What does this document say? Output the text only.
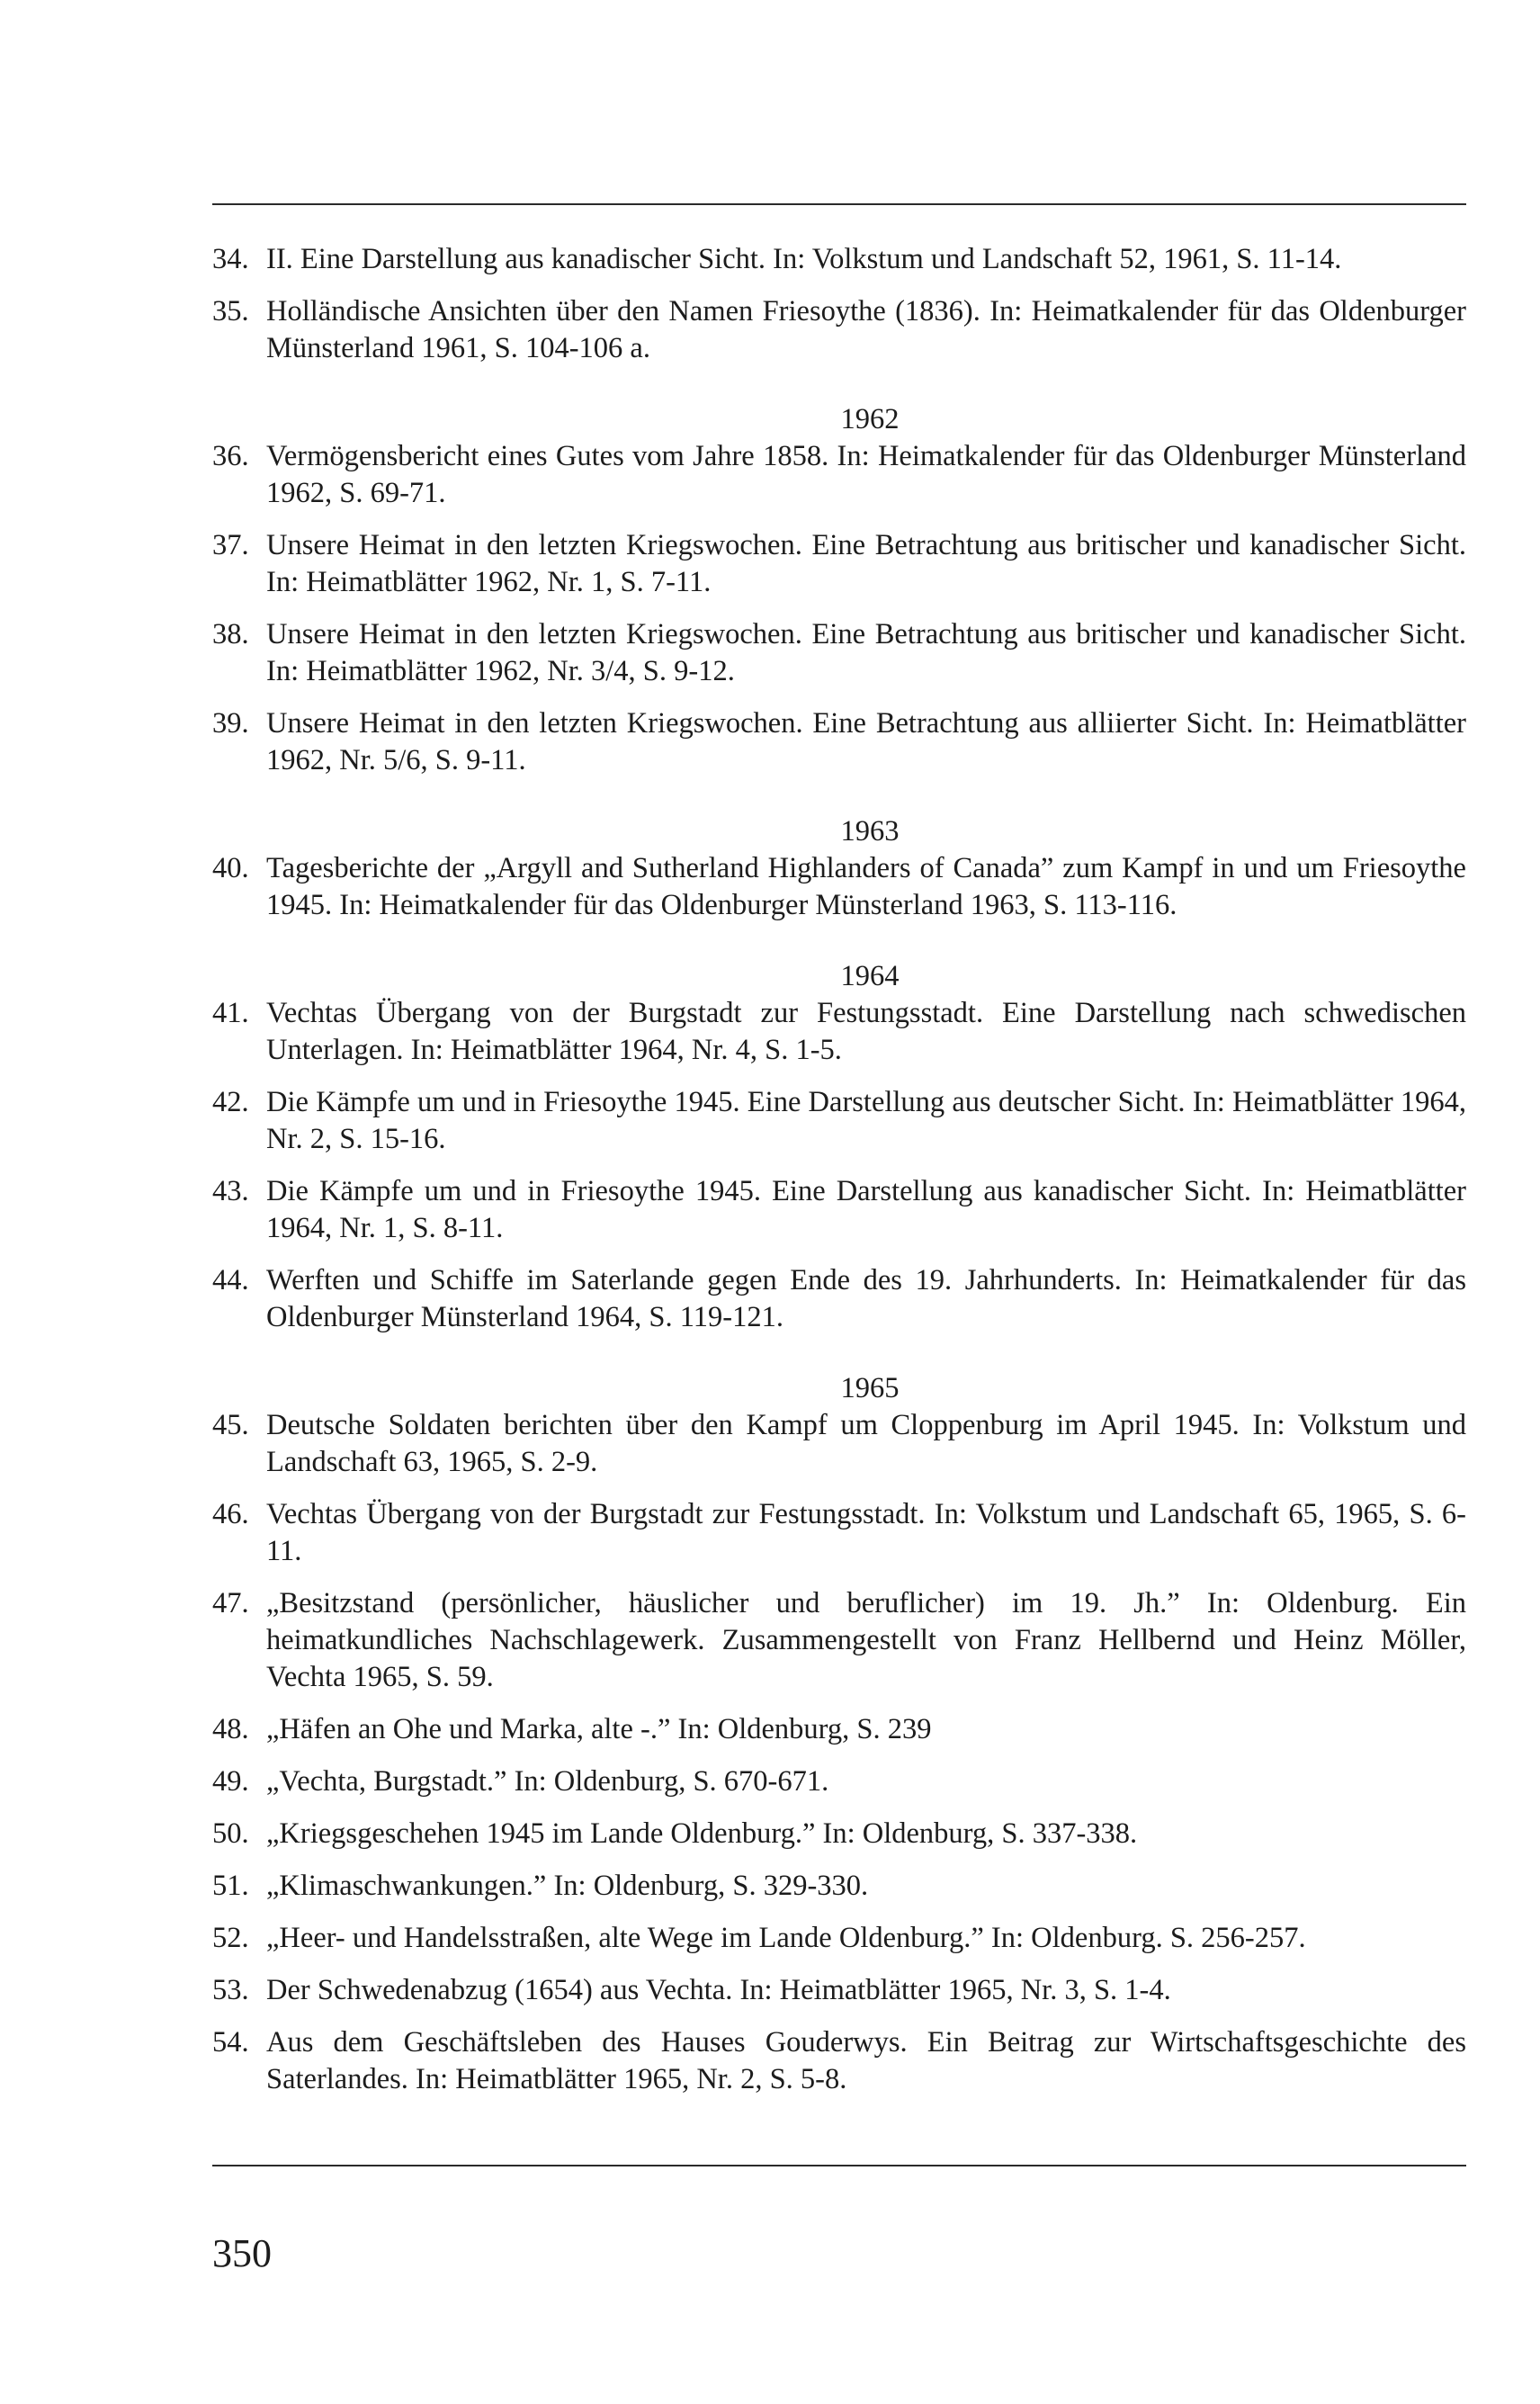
34. II. Eine Darstellung aus kanadischer Sicht. In: Volkstum und Landschaft 52, 1961, S. 11-14.
35. Holländische Ansichten über den Namen Friesoythe (1836). In: Heimatkalender für das Oldenburger Münsterland 1961, S. 104-106 a.
1962
36. Vermögensbericht eines Gutes vom Jahre 1858. In: Heimatkalender für das Oldenburger Münsterland 1962, S. 69-71.
37. Unsere Heimat in den letzten Kriegswochen. Eine Betrachtung aus britischer und kanadischer Sicht. In: Heimatblätter 1962, Nr. 1, S. 7-11.
38. Unsere Heimat in den letzten Kriegswochen. Eine Betrachtung aus britischer und kanadischer Sicht. In: Heimatblätter 1962, Nr. 3/4, S. 9-12.
39. Unsere Heimat in den letzten Kriegswochen. Eine Betrachtung aus alliierter Sicht. In: Heimatblätter 1962, Nr. 5/6, S. 9-11.
1963
40. Tagesberichte der „Argyll and Sutherland Highlanders of Canada” zum Kampf in und um Friesoythe 1945. In: Heimatkalender für das Oldenburger Münsterland 1963, S. 113-116.
1964
41. Vechtas Übergang von der Burgstadt zur Festungsstadt. Eine Darstellung nach schwedischen Unterlagen. In: Heimatblätter 1964, Nr. 4, S. 1-5.
42. Die Kämpfe um und in Friesoythe 1945. Eine Darstellung aus deutscher Sicht. In: Heimatblätter 1964, Nr. 2, S. 15-16.
43. Die Kämpfe um und in Friesoythe 1945. Eine Darstellung aus kanadischer Sicht. In: Heimatblätter 1964, Nr. 1, S. 8-11.
44. Werften und Schiffe im Saterlande gegen Ende des 19. Jahrhunderts. In: Heimatkalender für das Oldenburger Münsterland 1964, S. 119-121.
1965
45. Deutsche Soldaten berichten über den Kampf um Cloppenburg im April 1945. In: Volkstum und Landschaft 63, 1965, S. 2-9.
46. Vechtas Übergang von der Burgstadt zur Festungsstadt. In: Volkstum und Landschaft 65, 1965, S. 6-11.
47. „Besitzstand (persönlicher, häuslicher und beruflicher) im 19. Jh.” In: Oldenburg. Ein heimatkundliches Nachschlagewerk. Zusammengestellt von Franz Hellbernd und Heinz Möller, Vechta 1965, S. 59.
48. „Häfen an Ohe und Marka, alte -.” In: Oldenburg, S. 239
49. „Vechta, Burgstadt.” In: Oldenburg, S. 670-671.
50. „Kriegsgeschehen 1945 im Lande Oldenburg.” In: Oldenburg, S. 337-338.
51. „Klimaschwankungen.” In: Oldenburg, S. 329-330.
52. „Heer- und Handelsstraßen, alte Wege im Lande Oldenburg.” In: Oldenburg. S. 256-257.
53. Der Schwedenabzug (1654) aus Vechta. In: Heimatblätter 1965, Nr. 3, S. 1-4.
54. Aus dem Geschäftsleben des Hauses Gouderwys. Ein Beitrag zur Wirtschaftsgeschichte des Saterlandes. In: Heimatblätter 1965, Nr. 2, S. 5-8.
350
